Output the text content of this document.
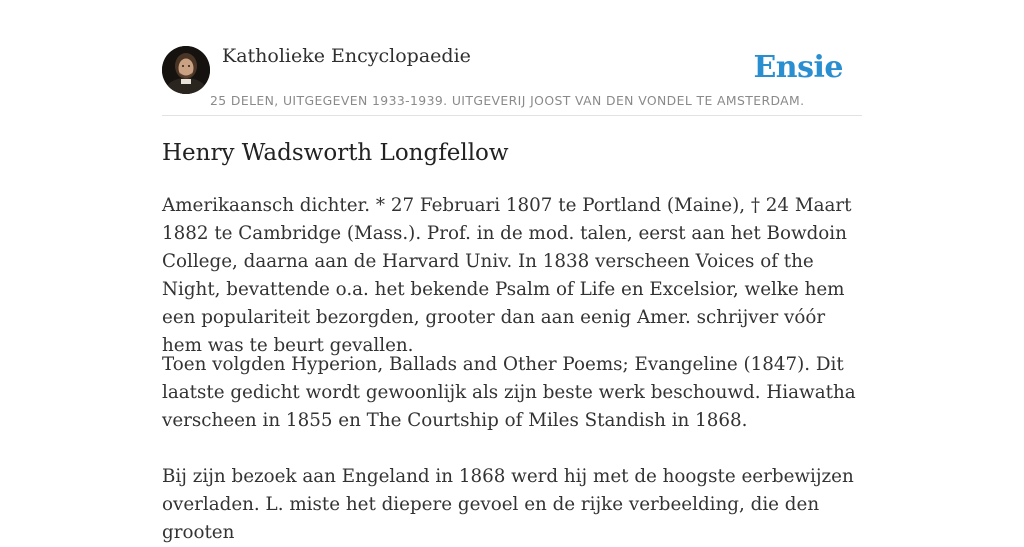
Katholieke Encyclopaedie	Ensie
25 DELEN, UITGEGEVEN 1933-1939. UITGEVERIJ JOOST VAN DEN VONDEL TE AMSTERDAM.
Henry Wadsworth Longfellow

Amerikaansch dichter. * 27 Februari 1807 te Portland (Maine), † 24 Maart 1882 te Cambridge (Mass.). Prof. in de mod. talen, eerst aan het Bowdoin College, daarna aan de Harvard Univ. In 1838 verscheen Voices of the Night, bevattende o.a. het bekende Psalm of Life en Excelsior, welke hem een populariteit bezorgden, grooter dan aan eenig Amer. schrijver vóór hem was te beurt gevallen.

Toen volgden Hyperion, Ballads and Other Poems; Evangeline (1847). Dit laatste gedicht wordt gewoonlijk als zijn beste werk beschouwd. Hiawatha verscheen in 1855 en The Courtship of Miles Standish in 1868.

Bij zijn bezoek aan Engeland in 1868 werd hij met de hoogste eerbewijzen overladen. L. miste het diepere gevoel en de rijke verbeelding, die den grooten
